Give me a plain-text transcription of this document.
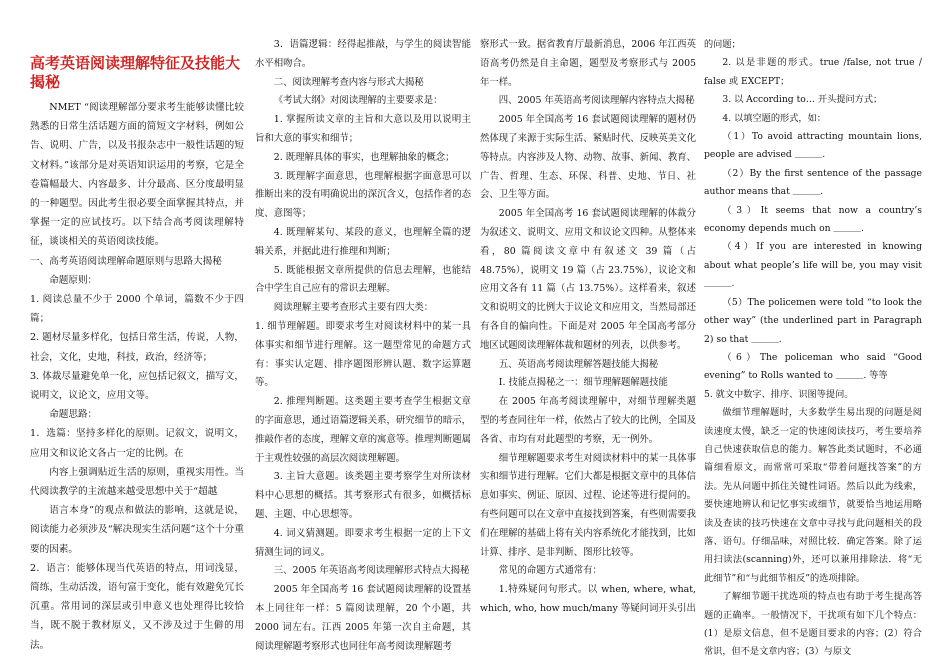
高考英语阅读理解特征及技能大揭秘

NMET “阅读理解部分要求考生能够读懂比较熟悉的日常生活话题方面的简短文字材料，例如公告、说明、广告，以及书报杂志中一般性话题的短文材料。”该部分是对英语知识运用的考察，它是全卷篇幅最大、内容最多、计分最高、区分度最明显的一种题型。因此考生很必要全面掌握其特点，并掌握一定的应试技巧。以下结合高考阅读理解特征，谈谈相关的英语阅读技能。

一、高考英语阅读理解命题原则与思路大揭秘

命题原则：

1. 阅读总量不少于 2000 个单词，篇数不少于四篇；

2. 题材尽量多样化，包括日常生活，传说，人物，社会，文化，史地，科技，政治，经济等；

3. 体裁尽量避免单一化，应包括记叙文，描写文，说明文，议论文，应用文等。

命题思路：

1．选篇：坚持多样化的原则。记叙文，说明文，应用文和议论文各占一定的比例。在

内容上强调贴近生活的原则，重视实用性。当代阅读教学的主流越来越受思想中关于“超越

语言本身”的观点和做法的影响，这就是说，阅读能力必须涉及“解决现实生活问题”这个十分重要的因素。

2．语言：能够体现当代英语的特点，用词浅显，简练，生动活泼，语句富于变化，能有效避免冗长沉重。常用词的深层或引申意义也处理得比较恰当，既不脱于教材原义，又不涉及过于生僻的用法。

3．语篇逻辑：经得起推敲，与学生的阅读智能水平相吻合。

二、阅读理解考查内容与形式大揭秘

《考试大纲》对阅读理解的主要要求是：

1. 掌握所读文章的主旨和大意以及用以说明主旨和大意的事实和细节；

2. 既理解具体的事实，也理解抽象的概念；

3. 既理解字面意思，也理解根据字面意思可以推断出来的没有明确说出的深沉含义，包括作者的态度、意图等；

4. 既理解某句、某段的意义，也理解全篇的逻辑关系，并据此进行推理和判断；

5. 既能根据文章所提供的信息去理解，也能结合中学生自己应有的常识去理解。

阅读理解主要考查形式主要有四大类：

1. 细节理解题。即要求考生对阅读材料中的某一具体事实和细节进行理解。这一题型常见的命题方式有：事实认定题、排序题图形辨认题、数字运算题等。

2. 推理判断题。这类题主要考查学生根据文章的字面意思，通过语篇逻辑关系，研究细节的暗示，推敲作者的态度，理解文章的寓意等。推理判断题属于主观性较强的高层次阅读理解题。

3. 主旨大意题。该类题主要考察学生对所读材料中心思想的概括。其考察形式有很多，如概括标题、主题、中心思想等。

4. 词义猜测题。即要求考生根据一定的上下文猜测生词的词义。

三、2005 年英语高考阅读理解形式特点大揭秘

2005 年全国高考 16 套试题阅读理解的设置基本上同往年一样：5 篇阅读理解，20 个小题，共 2000 词左右。江西 2005 年第一次自主命题，其阅读理解题考察形式也同往年高考阅读理解题考

察形式一致。据省教育厅最新消息，2006 年江西英语高考仍然是自主命题，题型及考察形式与 2005 年一样。

四、2005 年英语高考阅读理解内容特点大揭秘

2005 年全国高考 16 套试题阅读理解的题材仍然体现了来源于实际生活、紧贴时代、反映英美文化等特点。内容涉及人物、动物、故事、新闻、教育、广告、哲理、生态、环保、科普、史地、节日、社会、卫生等方面。

2005 年全国高考 16 套试题阅读理解的体裁分为叙述文、说明文、应用文和议论文四种。从整体来看，80 篇阅读文章中有叙述文 39 篇（占 48.75%），说明文 19 篇（占 23.75%），议论文和应用文各有 11 篇（占 13.75%）。这样看来，叙述文和说明文的比例大于议论文和应用文，当然局部还有各自的偏向性。下面是对 2005 年全国高考部分地区试题阅读理解体裁和题材的列表，以供参考。

五、英语高考阅读理解答题技能大揭秘

Ⅰ. 技能点揭秘之一：细节理解题解题技能

在 2005 年高考阅读理解中，对细节理解类题型的考查同往年一样，依然占了较大的比例，全国及各省、市均有对此题型的考察，无一例外。

细节理解题要求考生对阅读材料中的某一具体事实和细节进行理解。它们大都是根据文章中的具体信息如事实、例证、原因、过程、论述等进行提问的。有些问题可以在文章中直接找到答案，有些则需要我们在理解的基础上将有关内容系统化才能找到，比如计算、排序、是非判断、图形比较等。

常见的命题方式通常有：

1.特殊疑问句形式。以 when, where, what, which, who, how much/many 等疑问词开头引出

的问题；

2. 以是非题的形式。true /false, not true / false 或 EXCEPT；

3. 以 According to… 开头提问方式；

4. 以填空题的形式，如：

（1）To avoid attracting mountain lions, people are advised ＿＿＿.

（2）By the first sentence of the passage author means that ＿＿＿.

（3）It seems that now a country’s economy depends much on ＿＿＿.

（4）If you are interested in knowing about what people’s life will be, you may visit ＿＿＿.

（5）The policemen were told “to look the other way” (the underlined part in Paragraph 2) so that ＿＿＿.

（6）The policeman who said “Good evening” to Rolls wanted to ＿＿＿. 等等

5. 就文中数字、排序、识图等提问。

做细节理解题时，大多数学生易出现的问题是阅读速度太慢，缺乏一定的快速阅读技巧，考生要培养自己快速获取信息的能力。解答此类试题时，不必通篇细看原文，而常常可采取“带着问题找答案”的方法。先从问题中抓住关键性词语。然后以此为线索，要快速地辨认和记忆事实或细节，就要恰当地运用略读及查读的技巧快速在文章中寻找与此问题相关的段落、语句。仔细品味，对照比较．确定答案。除了运用扫读法(scanning)外，还可以兼用排除法．将“无此细节”和“与此细节相反”的选项排除。

了解细节题干扰选项的特点也有助于考生提高答题的正确率。一般情况下，干扰项有如下几个特点：(1）是原文信息，但不是题目要求的内容；(2）符合常识，但不是文章内容；(3）与原文
